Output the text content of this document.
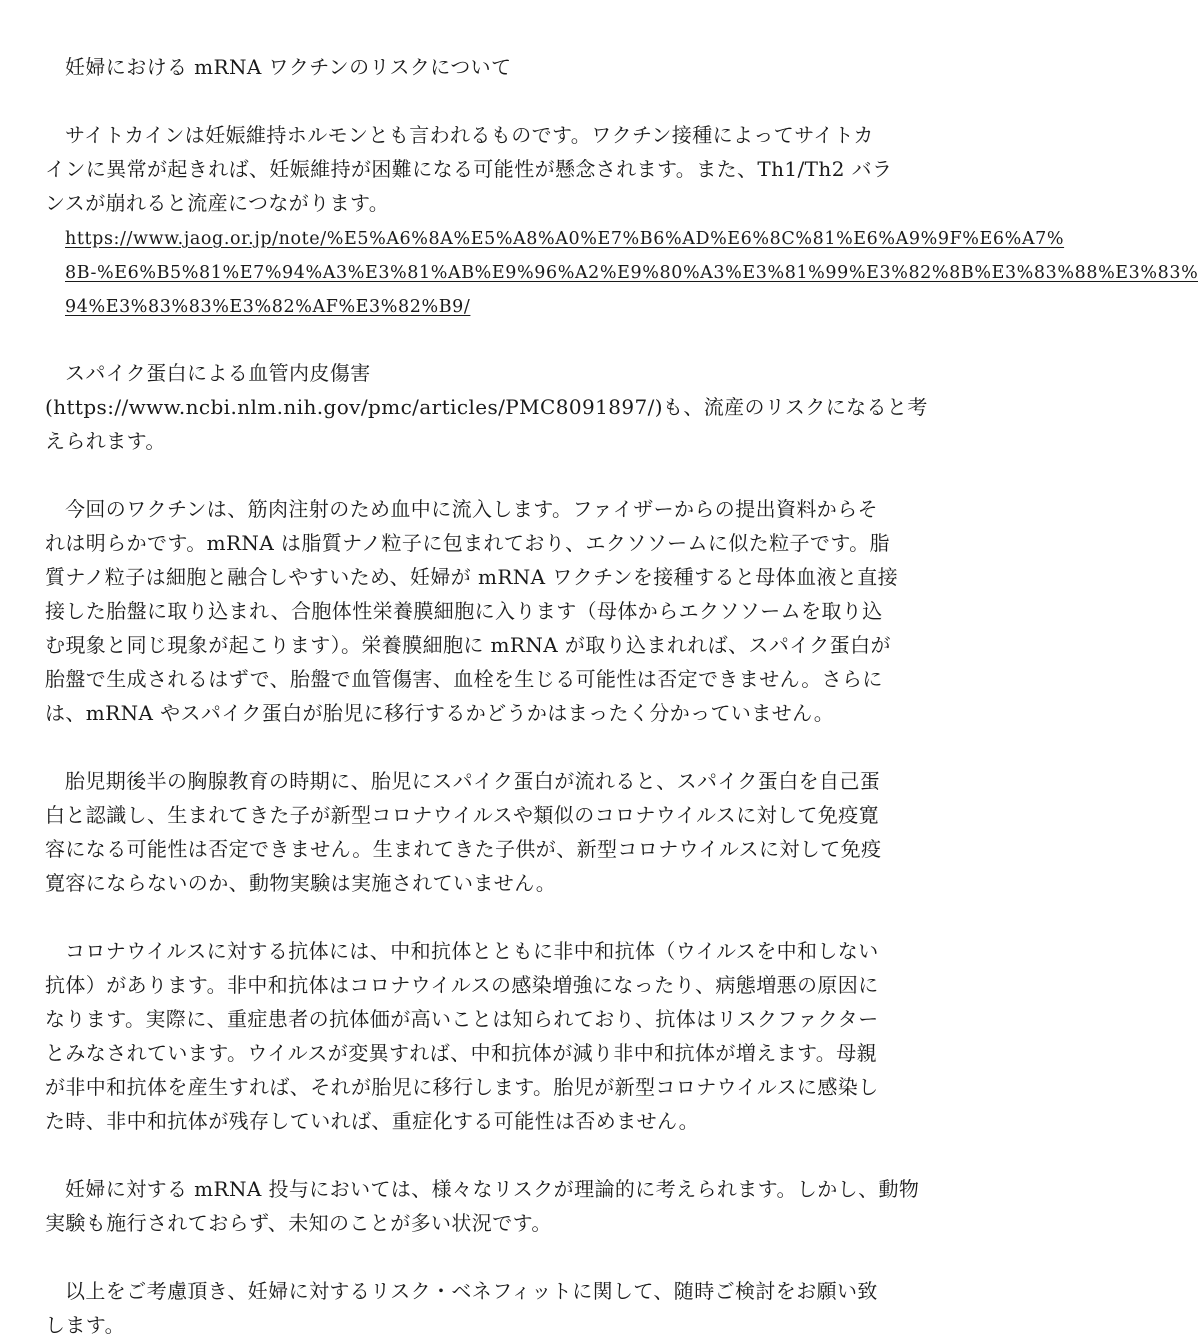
妊婦における mRNA ワクチンのリスクについて
サイトカインは妊娠維持ホルモンとも言われるものです。ワクチン接種によってサイトカ
インに異常が起きれば、妊娠維持が困難になる可能性が懸念されます。また、Th1/Th2 バラ
ンスが崩れると流産につながります。
https://www.jaog.or.jp/note/%E5%A6%8A%E5%A8%A0%E7%B6%AD%E6%8C%81%E6%A9%9F%E6%A7%
8B-%E6%B5%81%E7%94%A3%E3%81%AB%E9%96%A2%E9%80%A3%E3%81%99%E3%82%8B%E3%83%88%E3%83%
94%E3%83%83%E3%82%AF%E3%82%B9/
スパイク蛋白による血管内皮傷害
(https://www.ncbi.nlm.nih.gov/pmc/articles/PMC8091897/)も、流産のリスクになると考
えられます。
今回のワクチンは、筋肉注射のため血中に流入します。ファイザーからの提出資料からそ
れは明らかです。mRNA は脂質ナノ粒子に包まれており、エクソソームに似た粒子です。脂
質ナノ粒子は細胞と融合しやすいため、妊婦が mRNA ワクチンを接種すると母体血液と直接
接した胎盤に取り込まれ、合胞体性栄養膜細胞に入ります（母体からエクソソームを取り込
む現象と同じ現象が起こります）。栄養膜細胞に mRNA が取り込まれれば、スパイク蛋白が
胎盤で生成されるはずで、胎盤で血管傷害、血栓を生じる可能性は否定できません。さらに
は、mRNA やスパイク蛋白が胎児に移行するかどうかはまったく分かっていません。
胎児期後半の胸腺教育の時期に、胎児にスパイク蛋白が流れると、スパイク蛋白を自己蛋
白と認識し、生まれてきた子が新型コロナウイルスや類似のコロナウイルスに対して免疫寛
容になる可能性は否定できません。生まれてきた子供が、新型コロナウイルスに対して免疫
寛容にならないのか、動物実験は実施されていません。
コロナウイルスに対する抗体には、中和抗体とともに非中和抗体（ウイルスを中和しない
抗体）があります。非中和抗体はコロナウイルスの感染増強になったり、病態増悪の原因に
なります。実際に、重症患者の抗体価が高いことは知られており、抗体はリスクファクター
とみなされています。ウイルスが変異すれば、中和抗体が減り非中和抗体が増えます。母親
が非中和抗体を産生すれば、それが胎児に移行します。胎児が新型コロナウイルスに感染し
た時、非中和抗体が残存していれば、重症化する可能性は否めません。
妊婦に対する mRNA 投与においては、様々なリスクが理論的に考えられます。しかし、動物
実験も施行されておらず、未知のことが多い状況です。
以上をご考慮頂き、妊婦に対するリスク・ベネフィットに関して、随時ご検討をお願い致
します。
